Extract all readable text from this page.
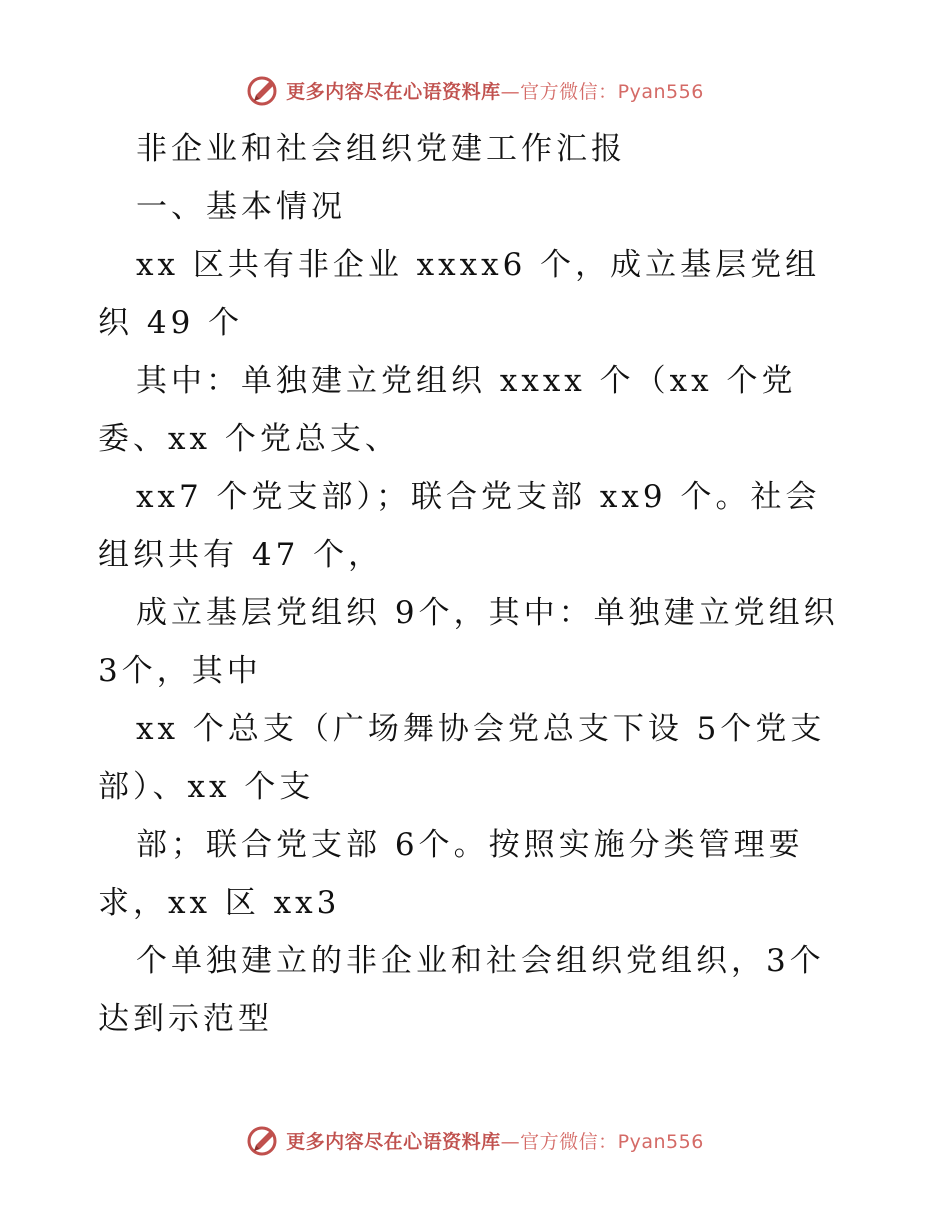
更多内容尽在心语资料库—官方微信：Pyan556

非企业和社会组织党建工作汇报

一、基本情况

xx 区共有非企业 xxxx6 个，成立基层党组织 49 个

其中：单独建立党组织 xxxx 个（xx 个党委、xx 个党总支、

xx7 个党支部）；联合党支部 xx9 个。社会组织共有 47 个，

成立基层党组织 9个，其中：单独建立党组织 3个，其中

xx 个总支（广场舞协会党总支下设 5个党支部）、xx 个支

部；联合党支部 6个。按照实施分类管理要求，xx 区 xx3

个单独建立的非企业和社会组织党组织，3个达到示范型

更多内容尽在心语资料库—官方微信：Pyan556
